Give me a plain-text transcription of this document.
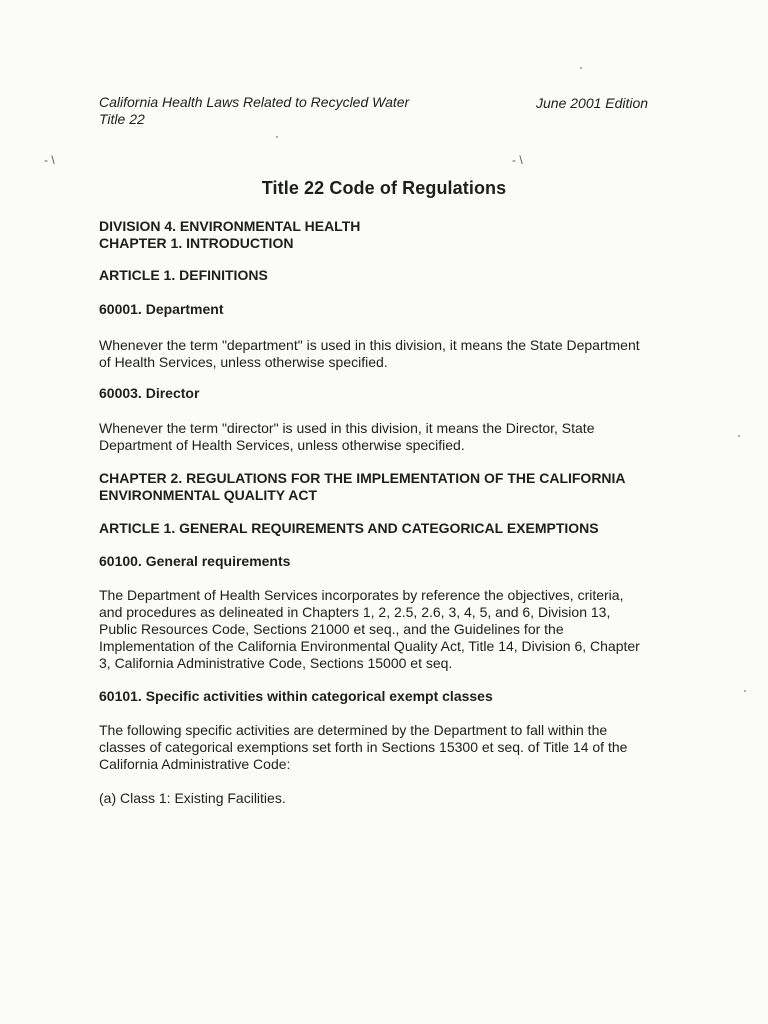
California Health Laws Related to Recycled Water
Title 22
June 2001 Edition
- \	- \
Title 22 Code of Regulations
DIVISION 4. ENVIRONMENTAL HEALTH
CHAPTER 1. INTRODUCTION
ARTICLE 1. DEFINITIONS
60001. Department
Whenever the term "department" is used in this division, it means the State Department
of Health Services, unless otherwise specified.
60003. Director
Whenever the term "director" is used in this division, it means the Director, State
Department of Health Services, unless otherwise specified.
CHAPTER 2. REGULATIONS FOR THE IMPLEMENTATION OF THE CALIFORNIA
ENVIRONMENTAL QUALITY ACT
ARTICLE 1. GENERAL REQUIREMENTS AND CATEGORICAL EXEMPTIONS
60100. General requirements
The Department of Health Services incorporates by reference the objectives, criteria,
and procedures as delineated in Chapters 1, 2, 2.5, 2.6, 3, 4, 5, and 6, Division 13,
Public Resources Code, Sections 21000 et seq., and the Guidelines for the
Implementation of the California Environmental Quality Act, Title 14, Division 6, Chapter
3, California Administrative Code, Sections 15000 et seq.
60101. Specific activities within categorical exempt classes
The following specific activities are determined by the Department to fall within the
classes of categorical exemptions set forth in Sections 15300 et seq. of Title 14 of the
California Administrative Code:
(a) Class 1: Existing Facilities.
